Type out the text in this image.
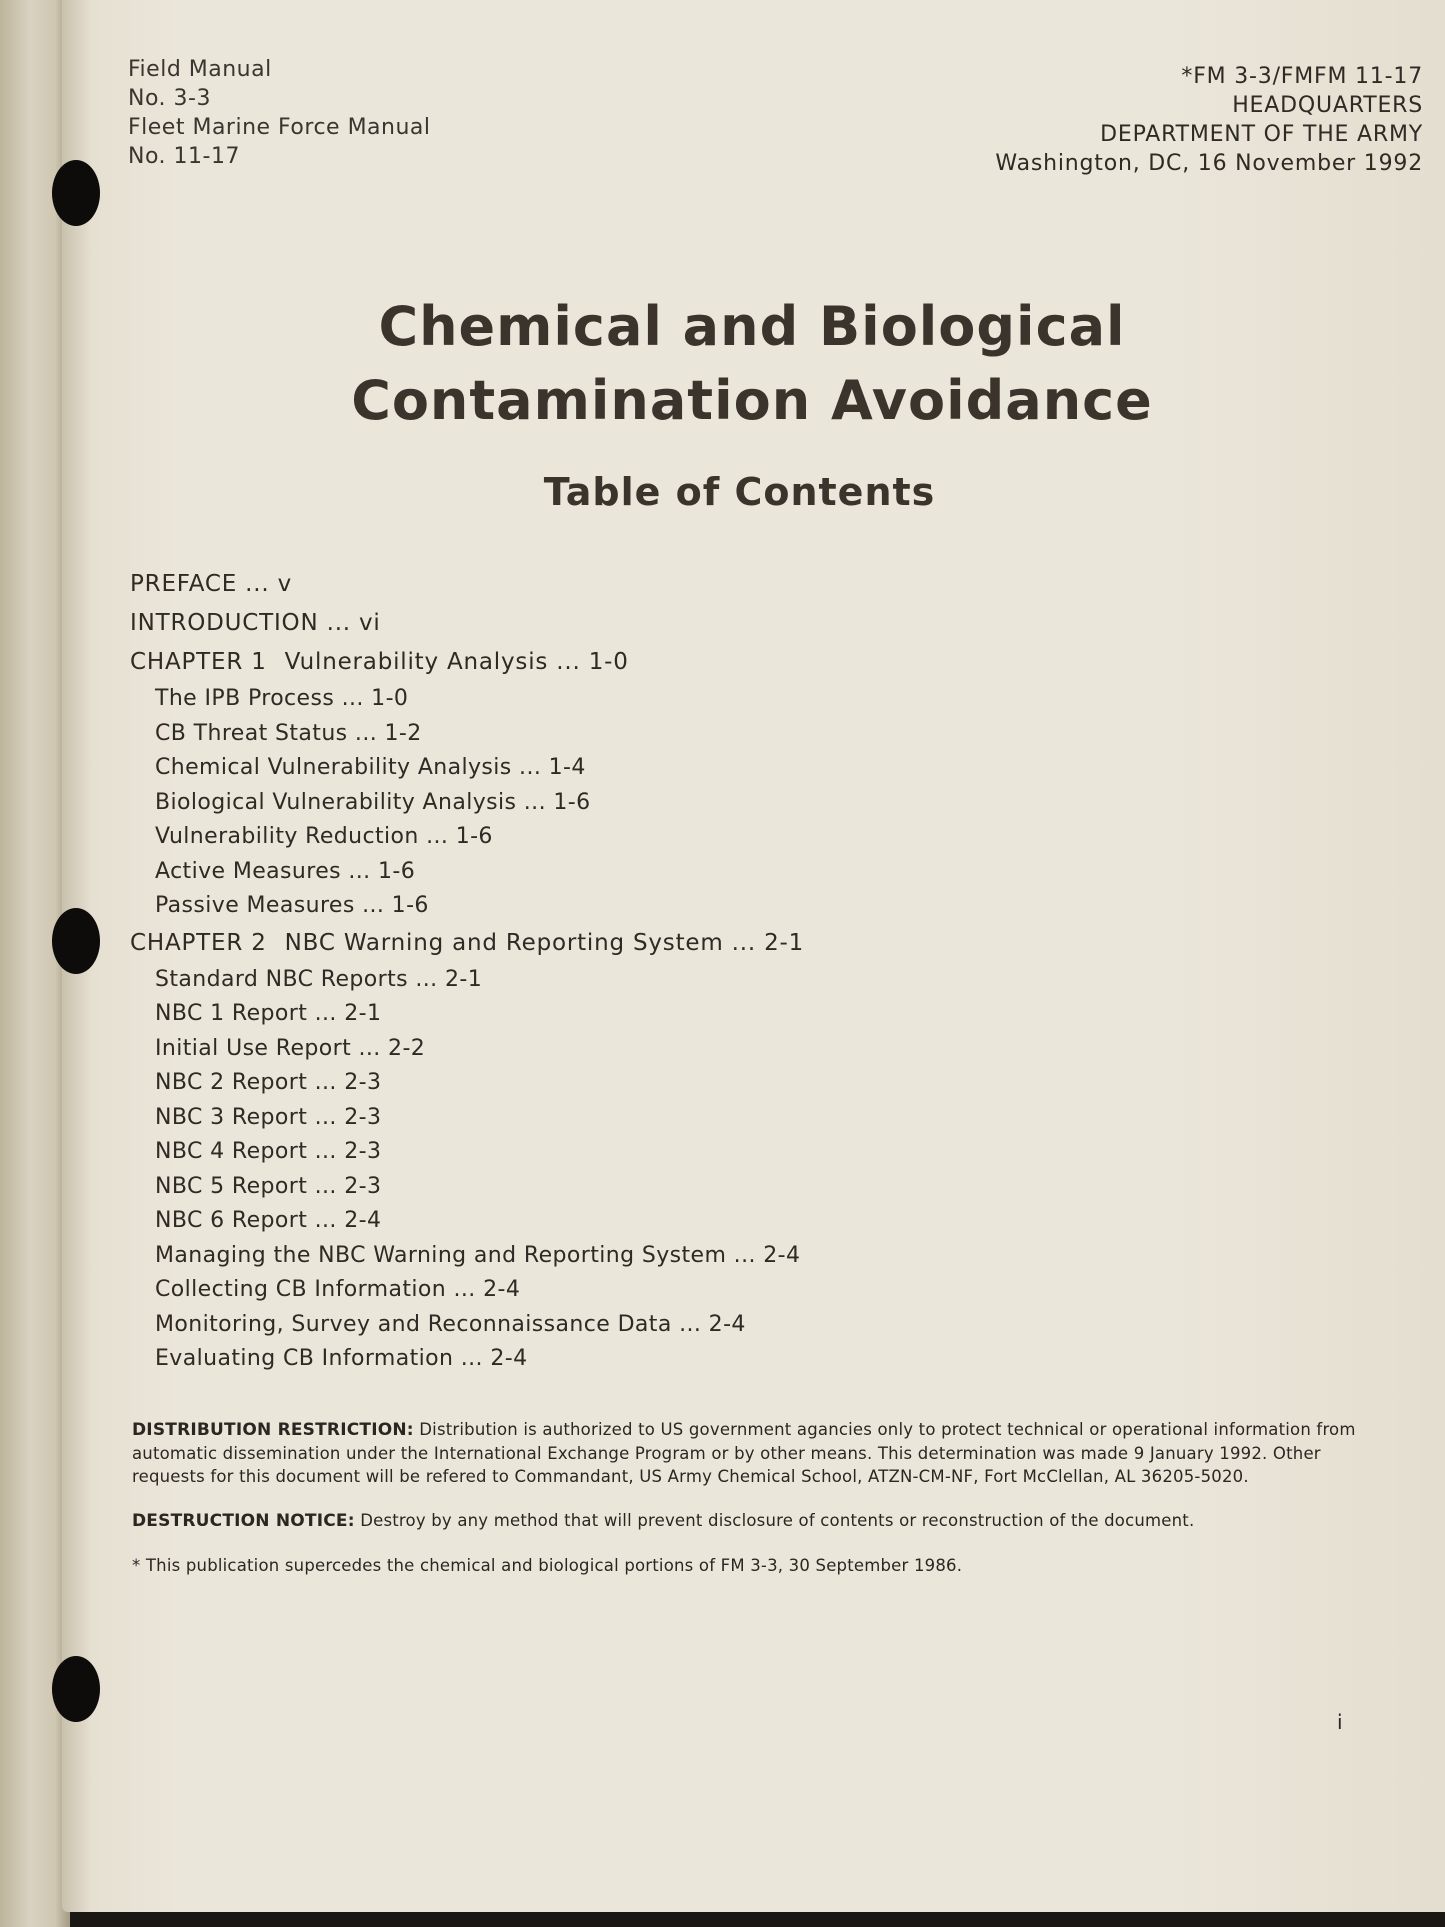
Field Manual
No. 3-3
Fleet Marine Force Manual
No. 11-17
*FM 3-3/FMFM 11-17
HEADQUARTERS
DEPARTMENT OF THE ARMY
Washington, DC, 16 November 1992
Chemical and Biological
Contamination Avoidance
Table of Contents
PREFACE ... v
INTRODUCTION ... vi
CHAPTER 1 Vulnerability Analysis ... 1-0
The IPB Process ... 1-0
CB Threat Status ... 1-2
Chemical Vulnerability Analysis ... 1-4
Biological Vulnerability Analysis ... 1-6
Vulnerability Reduction ... 1-6
Active Measures ... 1-6
Passive Measures ... 1-6
CHAPTER 2 NBC Warning and Reporting System ... 2-1
Standard NBC Reports ... 2-1
NBC 1 Report ... 2-1
Initial Use Report ... 2-2
NBC 2 Report ... 2-3
NBC 3 Report ... 2-3
NBC 4 Report ... 2-3
NBC 5 Report ... 2-3
NBC 6 Report ... 2-4
Managing the NBC Warning and Reporting System ... 2-4
Collecting CB Information ... 2-4
Monitoring, Survey and Reconnaissance Data ... 2-4
Evaluating CB Information ... 2-4
DISTRIBUTION RESTRICTION: Distribution is authorized to US government agancies only to protect technical or operational information from automatic dissemination under the International Exchange Program or by other means. This determination was made 9 January 1992. Other requests for this document will be refered to Commandant, US Army Chemical School, ATZN-CM-NF, Fort McClellan, AL 36205-5020.
DESTRUCTION NOTICE: Destroy by any method that will prevent disclosure of contents or reconstruction of the document.
* This publication supercedes the chemical and biological portions of FM 3-3, 30 September 1986.
i
